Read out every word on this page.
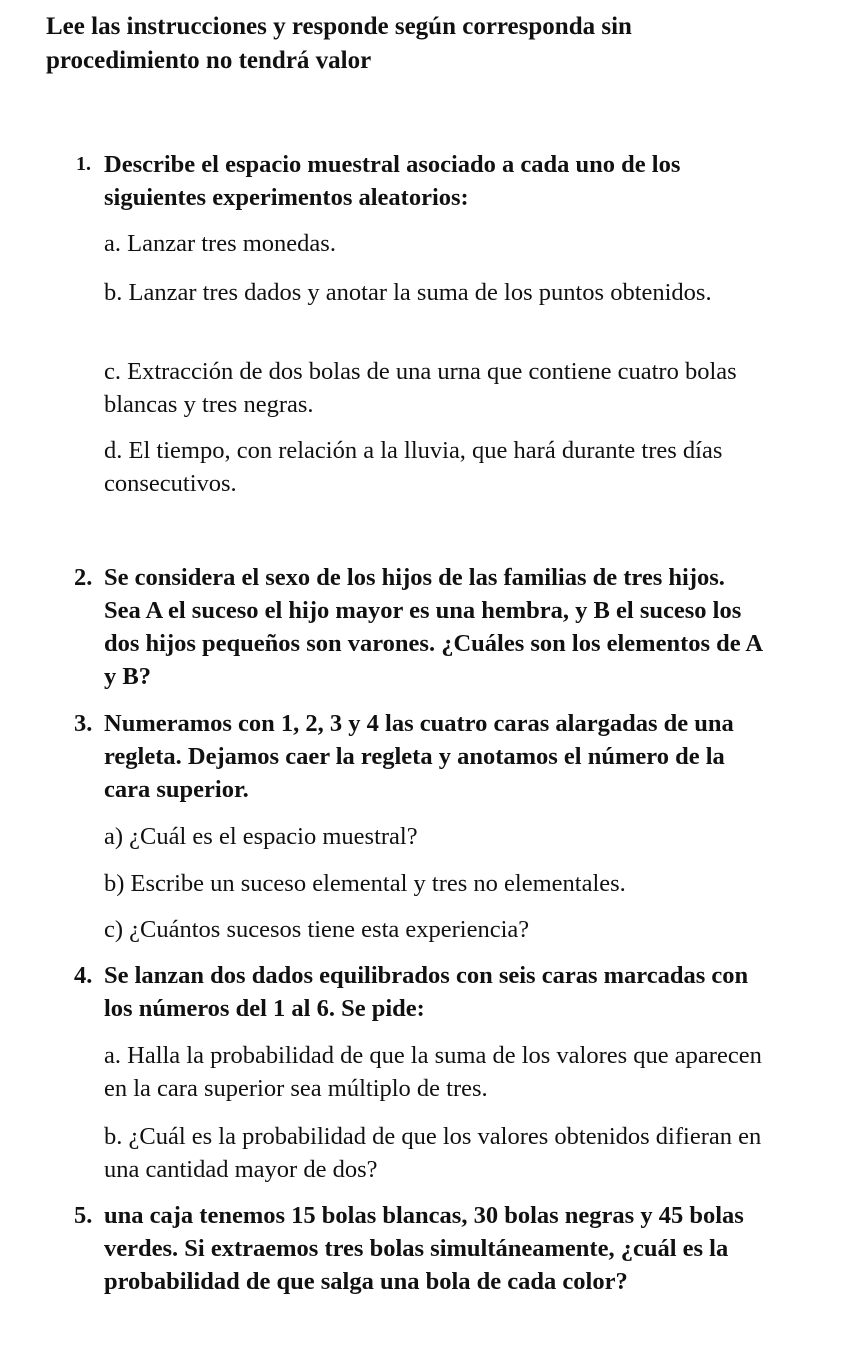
Lee las instrucciones y responde según corresponda sin procedimiento no tendrá valor
1. Describe el espacio muestral asociado a cada uno de los siguientes experimentos aleatorios:
a. Lanzar tres monedas.
b. Lanzar tres dados y anotar la suma de los puntos obtenidos.
c. Extracción de dos bolas de una urna que contiene cuatro bolas blancas y tres negras.
d. El tiempo, con relación a la lluvia, que hará durante tres días consecutivos.
2. Se considera el sexo de los hijos de las familias de tres hijos. Sea A el suceso el hijo mayor es una hembra, y B el suceso los dos hijos pequeños son varones. ¿Cuáles son los elementos de A y B?
3. Numeramos con 1, 2, 3 y 4 las cuatro caras alargadas de una regleta. Dejamos caer la regleta y anotamos el número de la cara superior.
a) ¿Cuál es el espacio muestral?
b) Escribe un suceso elemental y tres no elementales.
c) ¿Cuántos sucesos tiene esta experiencia?
4. Se lanzan dos dados equilibrados con seis caras marcadas con los números del 1 al 6. Se pide:
a. Halla la probabilidad de que la suma de los valores que aparecen en la cara superior sea múltiplo de tres.
b. ¿Cuál es la probabilidad de que los valores obtenidos difieran en una cantidad mayor de dos?
5. una caja tenemos 15 bolas blancas, 30 bolas negras y 45 bolas verdes. Si extraemos tres bolas simultáneamente, ¿cuál es la probabilidad de que salga una bola de cada color?
